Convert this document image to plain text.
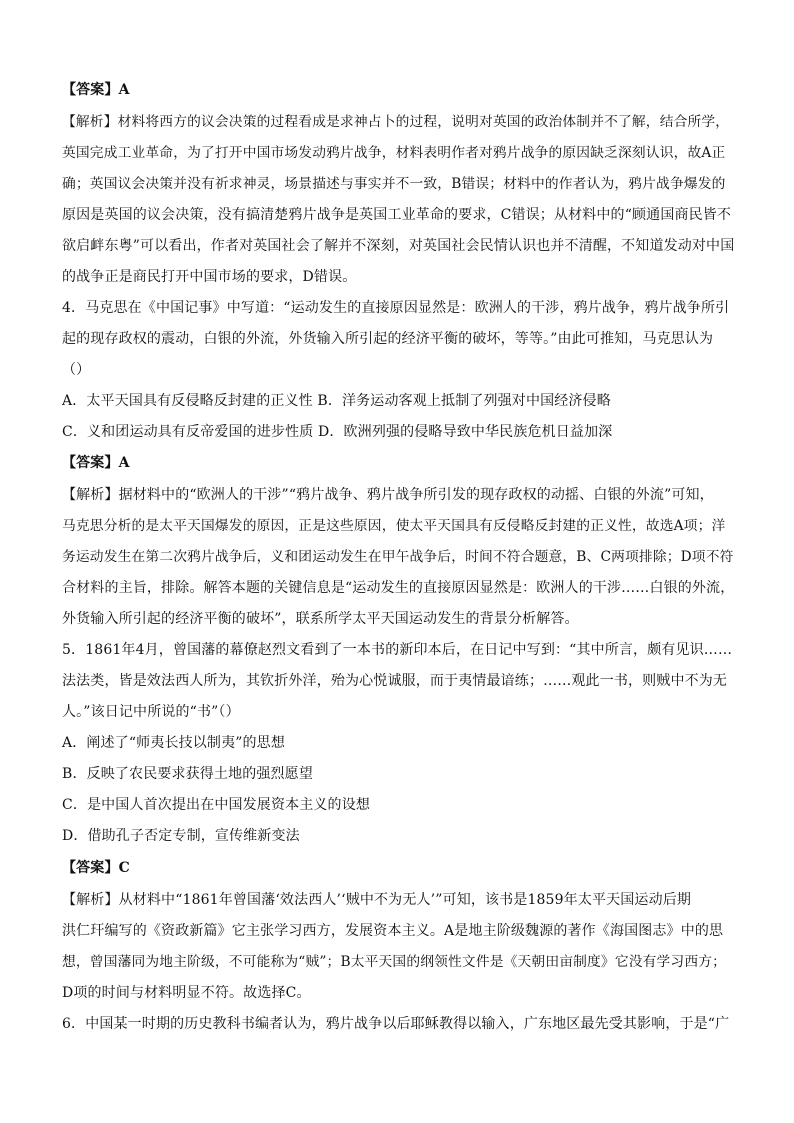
【答案】A
【解析】材料将西方的议会决策的过程看成是求神占卜的过程，说明对英国的政治体制并不了解，结合所学，
英国完成工业革命，为了打开中国市场发动鸦片战争，材料表明作者对鸦片战争的原因缺乏深刻认识，故A正
确；英国议会决策并没有祈求神灵，场景描述与事实并不一致，B错误；材料中的作者认为，鸦片战争爆发的
原因是英国的议会决策，没有搞清楚鸦片战争是英国工业革命的要求，C错误；从材料中的“顾通国商民皆不
欲启衅东粤”可以看出，作者对英国社会了解并不深刻，对英国社会民情认识也并不清醒，不知道发动对中国
的战争正是商民打开中国市场的要求，D错误。
4．马克思在《中国记事》中写道：“运动发生的直接原因显然是：欧洲人的干涉，鸦片战争，鸦片战争所引
起的现存政权的震动，白银的外流，外货输入所引起的经济平衡的破坏，等等。”由此可推知，马克思认为
（）
A．太平天国具有反侵略反封建的正义性 B．洋务运动客观上抵制了列强对中国经济侵略
C．义和团运动具有反帝爱国的进步性质 D．欧洲列强的侵略导致中华民族危机日益加深
【答案】A
【解析】据材料中的“欧洲人的干涉”“鸦片战争、鸦片战争所引发的现存政权的动摇、白银的外流”可知，
马克思分析的是太平天国爆发的原因，正是这些原因，使太平天国具有反侵略反封建的正义性，故选A项；洋
务运动发生在第二次鸦片战争后，义和团运动发生在甲午战争后，时间不符合题意，B、C两项排除；D项不符
合材料的主旨，排除。解答本题的关键信息是“运动发生的直接原因显然是：欧洲人的干涉……白银的外流，
外货输入所引起的经济平衡的破坏”，联系所学太平天国运动发生的背景分析解答。
5．1861年4月，曾国藩的幕僚赵烈文看到了一本书的新印本后，在日记中写到：“其中所言，颇有见识……
法法类，皆是效法西人所为，其钦折外洋，殆为心悦诚服，而于夷情最谙练；……观此一书，则贼中不为无
人。”该日记中所说的“书”（）
A．阐述了“师夷长技以制夷”的思想
B．反映了农民要求获得土地的强烈愿望
C．是中国人首次提出在中国发展资本主义的设想
D．借助孔子否定专制，宣传维新变法
【答案】C
【解析】从材料中“1861年曾国藩‘效法西人’‘贼中不为无人’”可知，该书是1859年太平天国运动后期
洪仁玕编写的《资政新篇》它主张学习西方，发展资本主义。A是地主阶级魏源的著作《海国图志》中的思
想，曾国藩同为地主阶级，不可能称为“贼”；B太平天国的纲领性文件是《天朝田亩制度》它没有学习西方；
D项的时间与材料明显不符。故选择C。
6．中国某一时期的历史教科书编者认为，鸦片战争以后耶稣教得以输入，广东地区最先受其影响，于是“广
